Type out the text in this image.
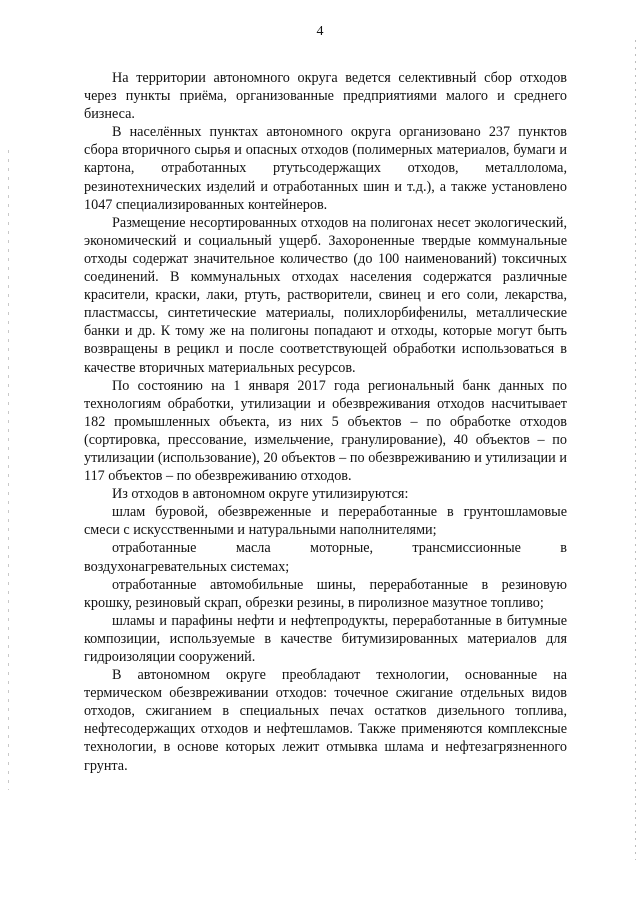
4

На территории автономного округа ведется селективный сбор отходов через пункты приёма, организованные предприятиями малого и среднего бизнеса.

В населённых пунктах автономного округа организовано 237 пунктов сбора вторичного сырья и опасных отходов (полимерных материалов, бумаги и картона, отработанных ртутьсодержащих отходов, металлолома, резинотехнических изделий и отработанных шин и т.д.), а также установлено 1047 специализированных контейнеров.

Размещение несортированных отходов на полигонах несет экологический, экономический и социальный ущерб. Захороненные твердые коммунальные отходы содержат значительное количество (до 100 наименований) токсичных соединений. В коммунальных отходах населения содержатся различные красители, краски, лаки, ртуть, растворители, свинец и его соли, лекарства, пластмассы, синтетические материалы, полихлорбифенилы, металлические банки и др. К тому же на полигоны попадают и отходы, которые могут быть возвращены в рецикл и после соответствующей обработки использоваться в качестве вторичных материальных ресурсов.

По состоянию на 1 января 2017 года региональный банк данных по технологиям обработки, утилизации и обезвреживания отходов насчитывает 182 промышленных объекта, из них 5 объектов – по обработке отходов (сортировка, прессование, измельчение, гранулирование), 40 объектов – по утилизации (использование), 20 объектов – по обезвреживанию и утилизации и 117 объектов – по обезвреживанию отходов.

Из отходов в автономном округе утилизируются:

шлам буровой, обезвреженные и переработанные в грунтошламовые смеси с искусственными и натуральными наполнителями;

отработанные масла моторные, трансмиссионные в воздухонагревательных системах;

отработанные автомобильные шины, переработанные в резиновую крошку, резиновый скрап, обрезки резины, в пиролизное мазутное топливо;

шламы и парафины нефти и нефтепродукты, переработанные в битумные композиции, используемые в качестве битумизированных материалов для гидроизоляции сооружений.

В автономном округе преобладают технологии, основанные на термическом обезвреживании отходов: точечное сжигание отдельных видов отходов, сжиганием в специальных печах остатков дизельного топлива, нефтесодержащих отходов и нефтешламов. Также применяются комплексные технологии, в основе которых лежит отмывка шлама и нефтезагрязненного грунта.
